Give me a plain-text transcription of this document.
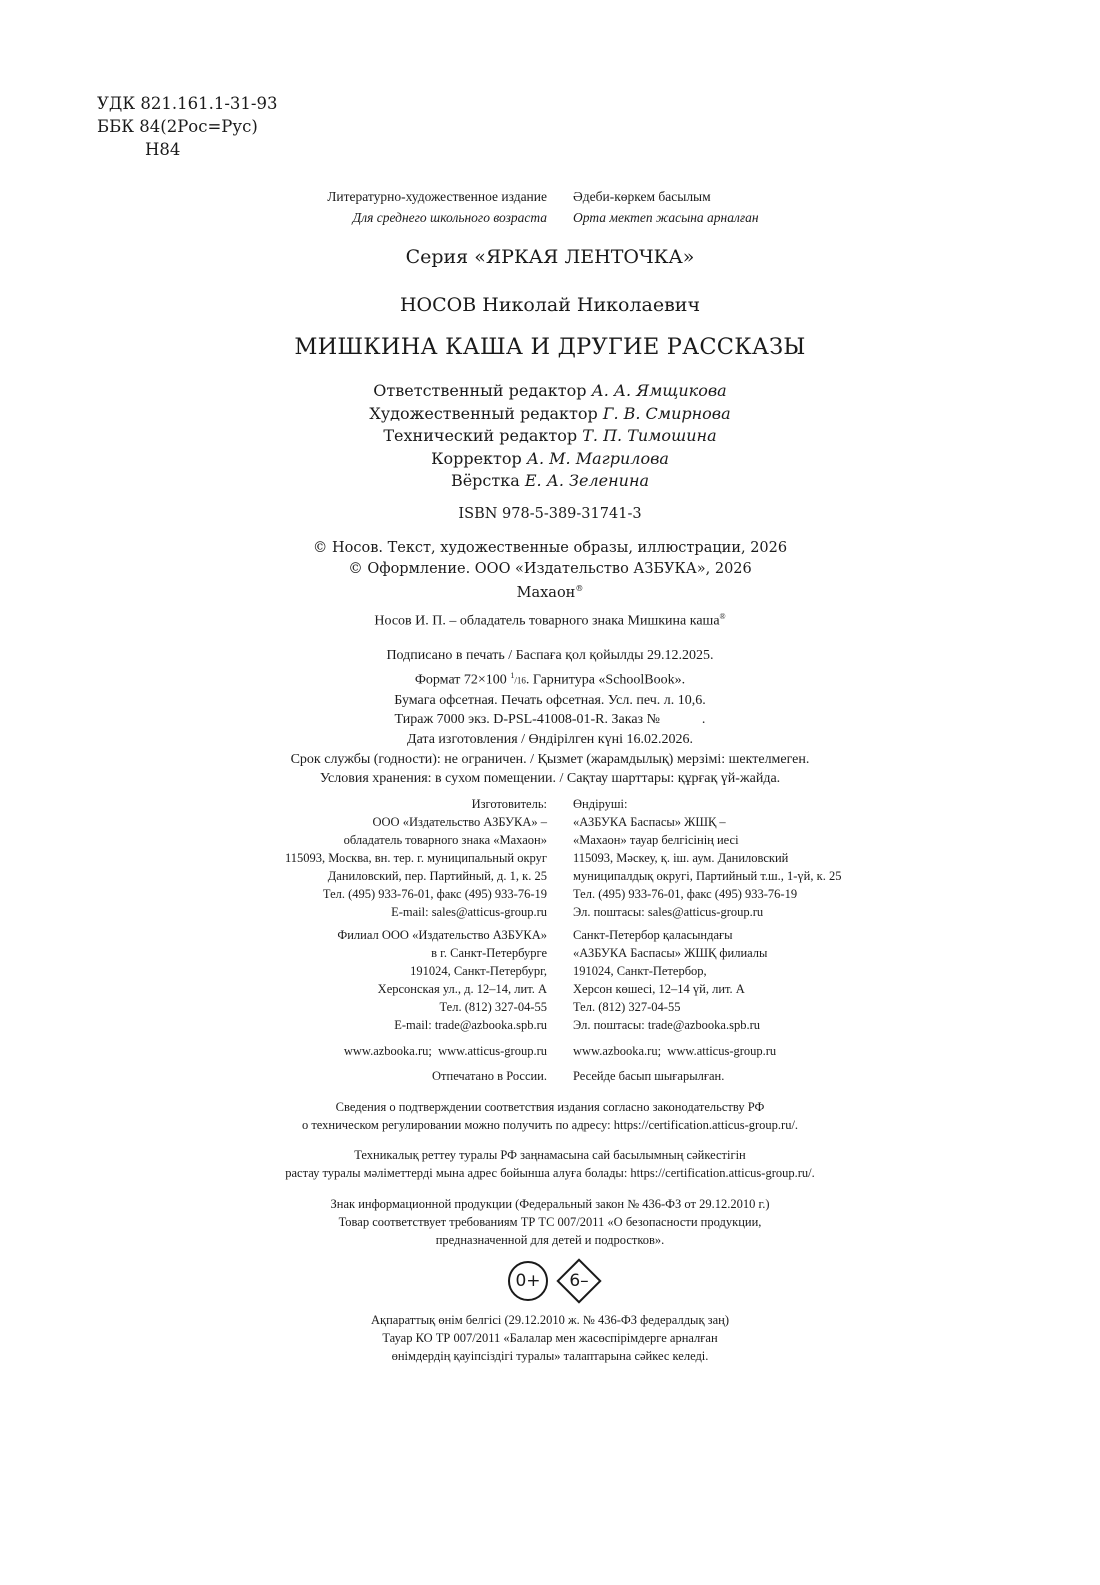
УДК 821.161.1-31-93
ББК 84(2Рос=Рус)
Н84
Литературно-художественное издание
Для среднего школьного возраста
Әдеби-көркем басылым
Орта мектеп жасына арналған
Серия «ЯРКАЯ ЛЕНТОЧКА»
НОСОВ Николай Николаевич
МИШКИНА КАША И ДРУГИЕ РАССКАЗЫ
Ответственный редактор А. А. Ямщикова
Художественный редактор Г. В. Смирнова
Технический редактор Т. П. Тимошина
Корректор А. М. Магрилова
Вёрстка Е. А. Зеленина
ISBN 978-5-389-31741-3
© Носов. Текст, художественные образы, иллюстрации, 2026
© Оформление. ООО «Издательство АЗБУКА», 2026
Махаон®
Носов И. П. – обладатель товарного знака Мишкина каша®
Подписано в печать / Баспаға қол қойылды 29.12.2025.
Формат 72×100 $^1$/16. Гарнитура «SchoolBook».
Бумага офсетная. Печать офсетная. Усл. печ. л. 10,6.
Тираж 7000 экз. D-PSL-41008-01-R. Заказ №            .
Дата изготовления / Өндірілген күні 16.02.2026.
Срок службы (годности): не ограничен. / Қызмет (жарамдылық) мерзімі: шектелмеген.
Условия хранения: в сухом помещении. / Сақтау шарттары: құрғақ үй-жайда.
Изготовитель:
ООО «Издательство АЗБУКА» –
обладатель товарного знака «Махаон»
115093, Москва, вн. тер. г. муниципальный округ
Даниловский, пер. Партийный, д. 1, к. 25
Тел. (495) 933-76-01, факс (495) 933-76-19
E-mail: sales@atticus-group.ru
Өндіруші:
«АЗБУКА Баспасы» ЖШҚ –
«Махаон» тауар белгісінің иесі
115093, Мәскеу, қ. іш. аум. Даниловский
муниципалдық округі, Партийный т.ш., 1-үй, к. 25
Тел. (495) 933-76-01, факс (495) 933-76-19
Эл. поштасы: sales@atticus-group.ru
Филиал ООО «Издательство АЗБУКА»
в г. Санкт-Петербурге
191024, Санкт-Петербург,
Херсонская ул., д. 12–14, лит. А
Тел. (812) 327-04-55
E-mail: trade@azbooka.spb.ru
Санкт-Петербор қаласындағы
«АЗБУКА Баспасы» ЖШҚ филиалы
191024, Санкт-Петербор,
Херсон көшесі, 12–14 үй, лит. А
Тел. (812) 327-04-55
Эл. поштасы: trade@azbooka.spb.ru
www.azbooka.ru;  www.atticus-group.ru www.azbooka.ru;  www.atticus-group.ru
Отпечатано в России. Ресейде басып шығарылған.
Сведения о подтверждении соответствия издания согласно законодательству РФ
о техническом регулировании можно получить по адресу: https://certification.atticus-group.ru/.
Техникалық реттеу туралы РФ заңнамасына сай басылымның сәйкестігін
растау туралы мәліметтерді мына адрес бойынша алуға болады: https://certification.atticus-group.ru/.
Знак информационной продукции (Федеральный закон № 436-ФЗ от 29.12.2010 г.)
Товар соответствует требованиям ТР ТС 007/2011 «О безопасности продукции,
предназначенной для детей и подростков».
0+ 6–
Ақпараттық өнім белгісі (29.12.2010 ж. № 436-ФЗ федералдық заң)
Тауар КО ТР 007/2011 «Балалар мен жасөспірімдерге арналған
өнімдердің қауіпсіздігі туралы» талаптарына сәйкес келеді.
